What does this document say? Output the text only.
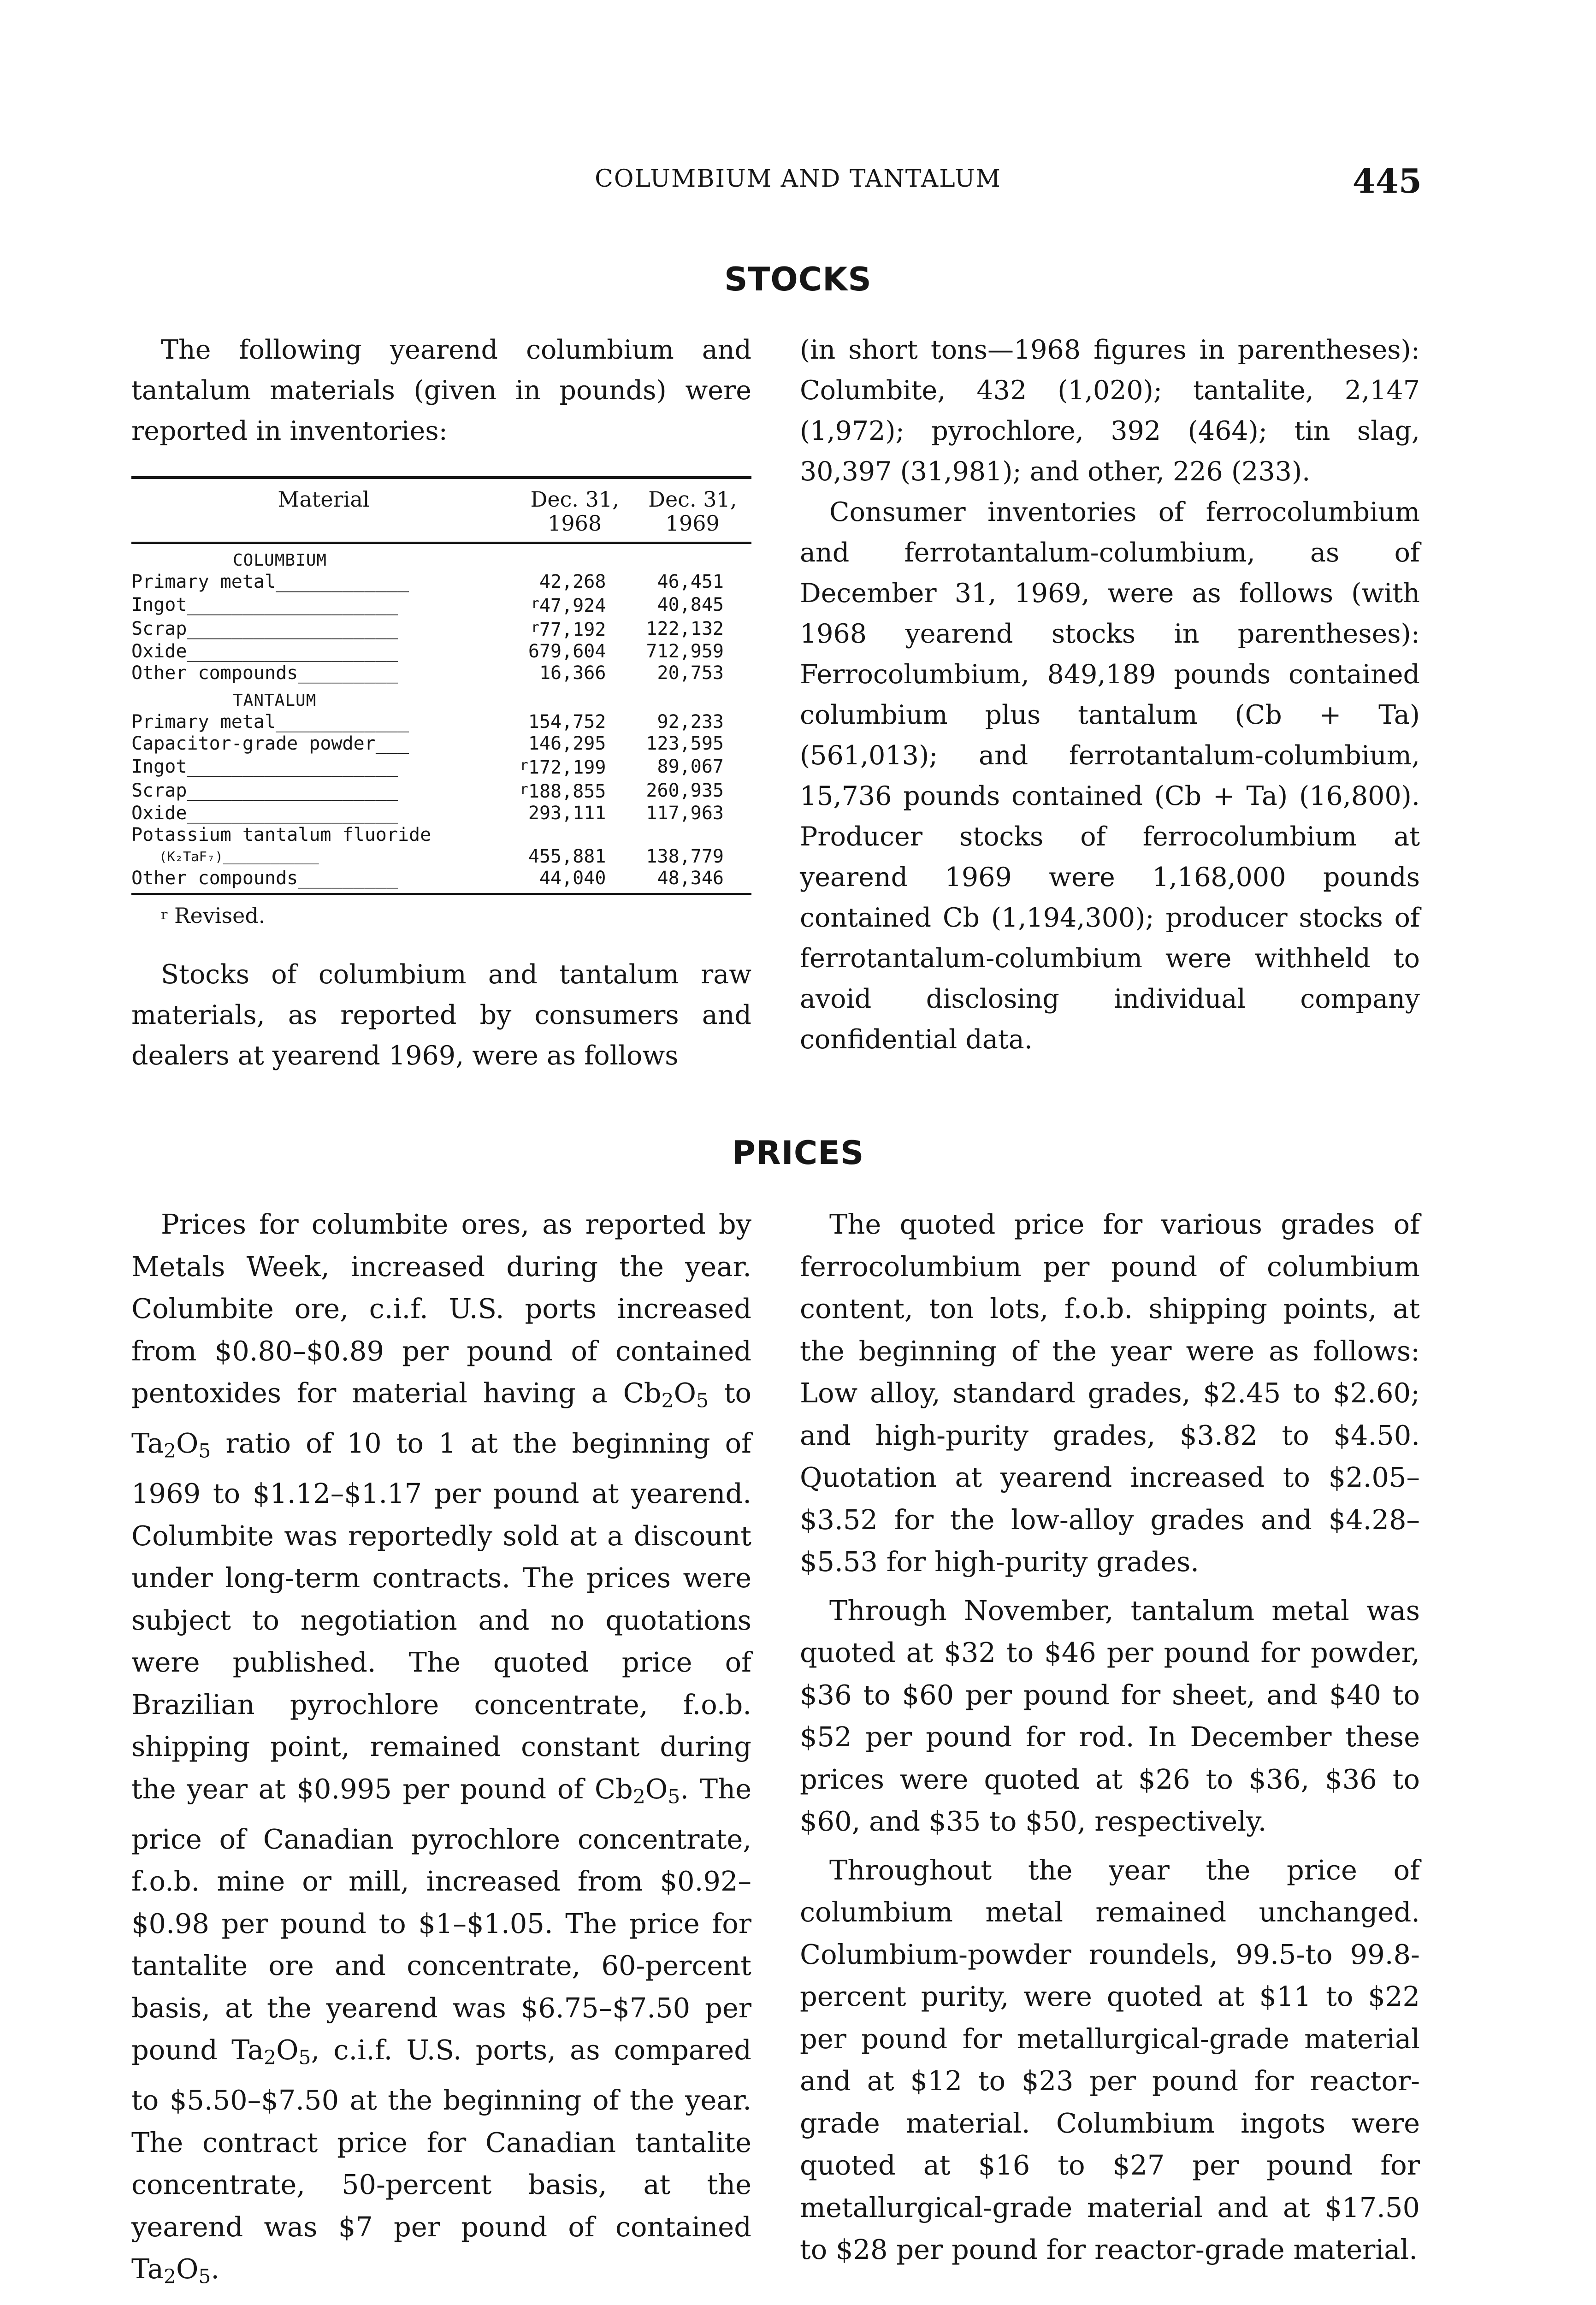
COLUMBIUM AND TANTALUM	445
STOCKS

The following yearend columbium and tantalum materials (given in pounds) were reported in inventories:

Material	Dec. 31, 1968	Dec. 31, 1969
COLUMBIUM		
Primary metal____________	42,268	46,451
Ingot___________________	$^r$47,924	40,845
Scrap___________________	$^r$77,192	122,132
Oxide___________________	679,604	712,959
Other compounds_________	16,366	20,753
TANTALUM		
Primary metal____________	154,752	92,233
Capacitor-grade powder___	146,295	123,595
Ingot___________________	$^r$172,199	89,067
Scrap___________________	$^r$188,855	260,935
Oxide___________________	293,111	117,963
Potassium tantalum fluoride		
(K₂TaF₇)____________	455,881	138,779
Other compounds_________	44,040	48,346

r Revised.

Stocks of columbium and tantalum raw materials, as reported by consumers and dealers at yearend 1969, were as follows

(in short tons—1968 figures in parentheses): Columbite, 432 (1,020); tantalite, 2,147 (1,972); pyrochlore, 392 (464); tin slag, 30,397 (31,981); and other, 226 (233).

Consumer inventories of ferrocolumbium and ferrotantalum-columbium, as of December 31, 1969, were as follows (with 1968 yearend stocks in parentheses): Ferrocolumbium, 849,189 pounds contained columbium plus tantalum (Cb + Ta) (561,013); and ferrotantalum-columbium, 15,736 pounds contained (Cb + Ta) (16,800). Producer stocks of ferrocolumbium at yearend 1969 were 1,168,000 pounds contained Cb (1,194,300); producer stocks of ferrotantalum-columbium were withheld to avoid disclosing individual company confidential data.

PRICES

Prices for columbite ores, as reported by Metals Week, increased during the year. Columbite ore, c.i.f. U.S. ports increased from $0.80–$0.89 per pound of contained pentoxides for material having a $Cb_2O_5$ to $Ta_2O_5$ ratio of 10 to 1 at the beginning of 1969 to $1.12–$1.17 per pound at yearend. Columbite was reportedly sold at a discount under long-term contracts. The prices were subject to negotiation and no quotations were published. The quoted price of Brazilian pyrochlore concentrate, f.o.b. shipping point, remained constant during the year at $0.995 per pound of $Cb_2O_5$. The price of Canadian pyrochlore concentrate, f.o.b. mine or mill, increased from $0.92–$0.98 per pound to $1–$1.05. The price for tantalite ore and concentrate, 60-percent basis, at the yearend was $6.75–$7.50 per pound $Ta_2O_5$, c.i.f. U.S. ports, as compared to $5.50–$7.50 at the beginning of the year. The contract price for Canadian tantalite concentrate, 50-percent basis, at the yearend was $7 per pound of contained $Ta_2O_5$.

The quoted price for various grades of ferrocolumbium per pound of columbium content, ton lots, f.o.b. shipping points, at the beginning of the year were as follows: Low alloy, standard grades, $2.45 to $2.60; and high-purity grades, $3.82 to $4.50. Quotation at yearend increased to $2.05–$3.52 for the low-alloy grades and $4.28–$5.53 for high-purity grades.

Through November, tantalum metal was quoted at $32 to $46 per pound for powder, $36 to $60 per pound for sheet, and $40 to $52 per pound for rod. In December these prices were quoted at $26 to $36, $36 to $60, and $35 to $50, respectively.

Throughout the year the price of columbium metal remained unchanged. Columbium-powder roundels, 99.5-to 99.8-percent purity, were quoted at $11 to $22 per pound for metallurgical-grade material and at $12 to $23 per pound for reactor-grade material. Columbium ingots were quoted at $16 to $27 per pound for metallurgical-grade material and at $17.50 to $28 per pound for reactor-grade material.
